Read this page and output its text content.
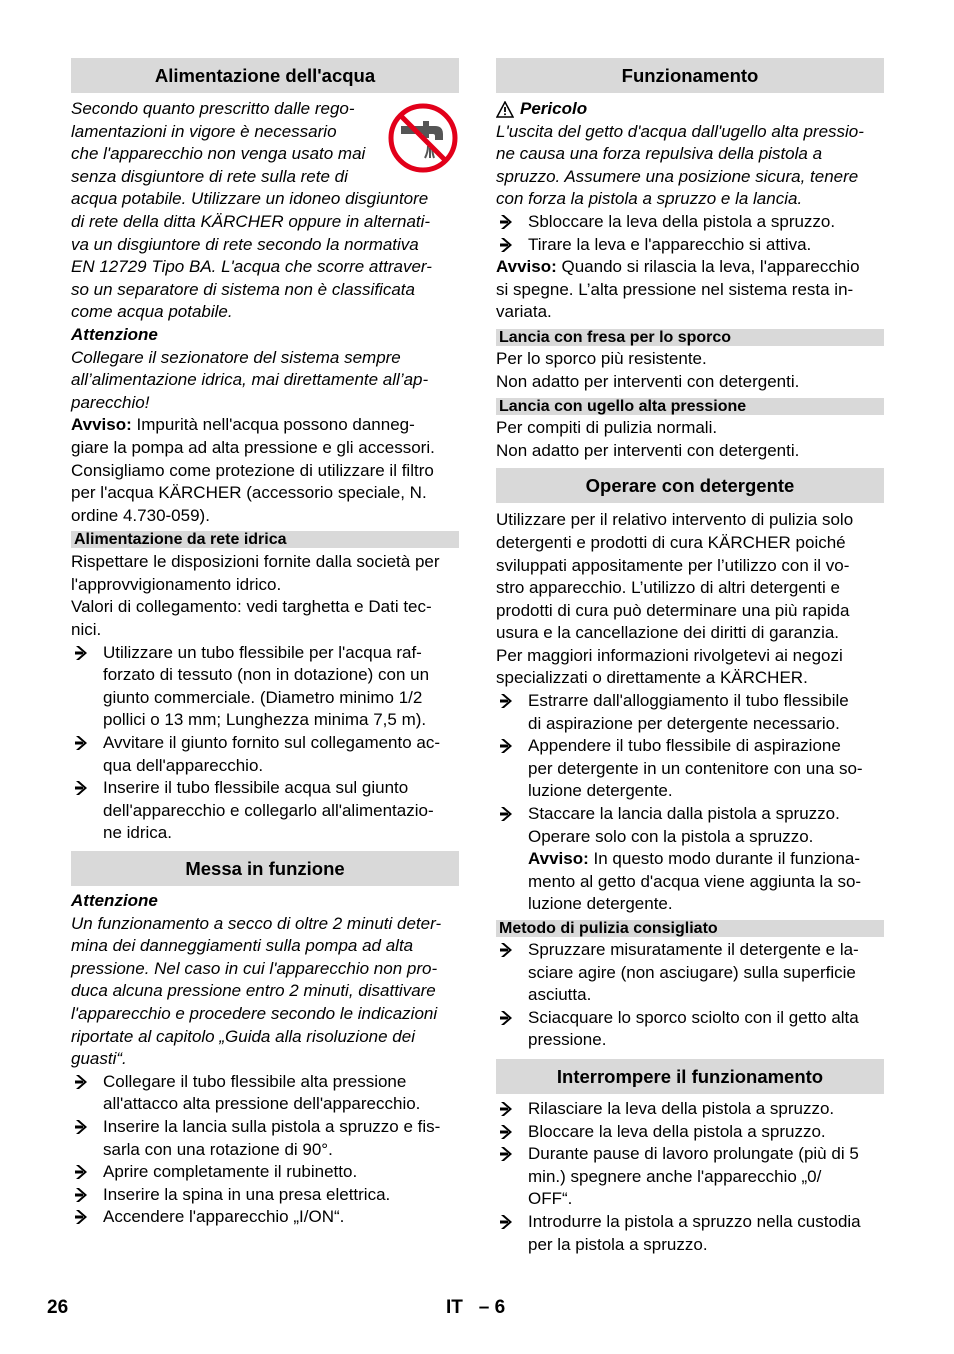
Alimentazione dell'acqua

Secondo quanto prescritto dalle rego-

lamentazioni in vigore è necessario

che l'apparecchio non venga usato mai

senza disgiuntore di rete sulla rete di

acqua potabile. Utilizzare un idoneo disgiuntore

di rete della ditta KÄRCHER oppure in alternati-

va un disgiuntore di rete secondo la normativa

EN 12729 Tipo BA. L'acqua che scorre attraver-

so un separatore di sistema non è classificata

come acqua potabile.

Attenzione

Collegare il sezionatore del sistema sempre

all’alimentazione idrica, mai direttamente all’ap-

parecchio!

Avviso: Impurità nell'acqua possono danneg-

giare la pompa ad alta pressione e gli accessori.

Consigliamo come protezione di utilizzare il filtro

per l'acqua KÄRCHER (accessorio speciale, N.

ordine 4.730-059).

Alimentazione da rete idrica

Rispettare le disposizioni fornite dalla società per

l'approvvigionamento idrico.

Valori di collegamento: vedi targhetta e Dati tec-

nici.

Utilizzare un tubo flessibile per l'acqua raf-

forzato di tessuto (non in dotazione) con un

giunto commerciale. (Diametro minimo 1/2

pollici o 13 mm; Lunghezza minima 7,5 m).

Avvitare il giunto fornito sul collegamento ac-

qua dell'apparecchio.

Inserire il tubo flessibile acqua sul giunto

dell'apparecchio e collegarlo all'alimentazio-

ne idrica.

Messa in funzione

Attenzione

Un funzionamento a secco di oltre 2 minuti deter-

mina dei danneggiamenti sulla pompa ad alta

pressione. Nel caso in cui l'apparecchio non pro-

duca alcuna pressione entro 2 minuti, disattivare

l'apparecchio e procedere secondo le indicazioni

riportate al capitolo „Guida alla risoluzione dei

guasti“.

Collegare il tubo flessibile alta pressione

all'attacco alta pressione dell'apparecchio.

Inserire la lancia sulla pistola a spruzzo e fis-

sarla con una rotazione di 90°.

Aprire completamente il rubinetto.

Inserire la spina in una presa elettrica.

Accendere l'apparecchio „I/ON“.

Funzionamento

Pericolo

L'uscita del getto d'acqua dall'ugello alta pressio-

ne causa una forza repulsiva della pistola a

spruzzo. Assumere una posizione sicura, tenere

con forza la pistola a spruzzo e la lancia.

Sbloccare la leva della pistola a spruzzo.

Tirare la leva e l'apparecchio si attiva.

Avviso: Quando si rilascia la leva, l'apparecchio

si spegne. L’alta pressione nel sistema resta in-

variata.

Lancia con fresa per lo sporco

Per lo sporco più resistente.

Non adatto per interventi con detergenti.

Lancia con ugello alta pressione

Per compiti di pulizia normali.

Non adatto per interventi con detergenti.

Operare con detergente

Utilizzare per il relativo intervento di pulizia solo

detergenti e prodotti di cura KÄRCHER poiché

sviluppati appositamente per l’utilizzo con il vo-

stro apparecchio. L’utilizzo di altri detergenti e

prodotti di cura può determinare una più rapida

usura e la cancellazione dei diritti di garanzia.

Per maggiori informazioni rivolgetevi ai negozi

specializzati o direttamente a KÄRCHER.

Estrarre dall'alloggiamento il tubo flessibile

di aspirazione per detergente necessario.

Appendere il tubo flessibile di aspirazione

per detergente in un contenitore con una so-

luzione detergente.

Staccare la lancia dalla pistola a spruzzo.

Operare solo con la pistola a spruzzo.

Avviso: In questo modo durante il funziona-

mento al getto d'acqua viene aggiunta la so-

luzione detergente.

Metodo di pulizia consigliato

Spruzzare misuratamente il detergente e la-

sciare agire (non asciugare) sulla superficie

asciutta.

Sciacquare lo sporco sciolto con il getto alta

pressione.

Interrompere il funzionamento

Rilasciare la leva della pistola a spruzzo.

Bloccare la leva della pistola a spruzzo.

Durante pause di lavoro prolungate (più di 5

min.) spegnere anche l'apparecchio „0/

OFF“.

Introdurre la pistola a spruzzo nella custodia

per la pistola a spruzzo.

26	IT – 6
